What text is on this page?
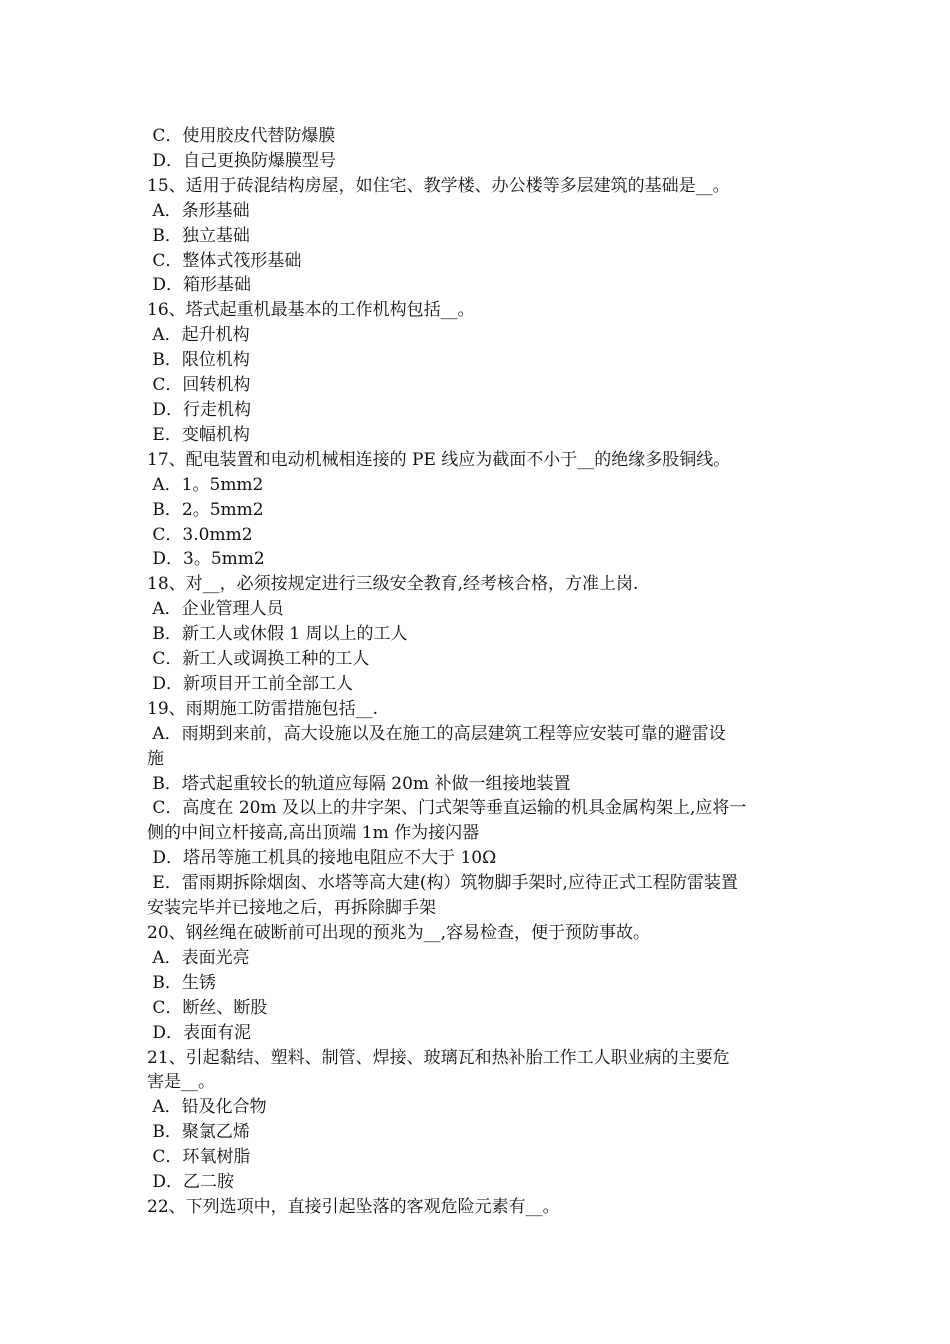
C．使用胶皮代替防爆膜
D．自己更换防爆膜型号
15、适用于砖混结构房屋，如住宅、教学楼、办公楼等多层建筑的基础是__。
A．条形基础
B．独立基础
C．整体式筏形基础
D．箱形基础
16、塔式起重机最基本的工作机构包括__。
A．起升机构
B．限位机构
C．回转机构
D．行走机构
E．变幅机构
17、配电装置和电动机械相连接的 PE 线应为截面不小于__的绝缘多股铜线。
A．1。5mm2
B．2。5mm2
C．3.0mm2
D．3。5mm2
18、对__，必须按规定进行三级安全教育,经考核合格，方准上岗.
A．企业管理人员
B．新工人或休假 1 周以上的工人
C．新工人或调换工种的工人
D．新项目开工前全部工人
19、雨期施工防雷措施包括__.
A．雨期到来前，高大设施以及在施工的高层建筑工程等应安装可靠的避雷设
施
B．塔式起重较长的轨道应每隔 20m 补做一组接地装置
C．高度在 20m 及以上的井字架、门式架等垂直运输的机具金属构架上,应将一
侧的中间立杆接高,高出顶端 1m 作为接闪器
D．塔吊等施工机具的接地电阻应不大于 10Ω
E．雷雨期拆除烟囱、水塔等高大建(构）筑物脚手架时,应待正式工程防雷装置
安装完毕并已接地之后，再拆除脚手架
20、钢丝绳在破断前可出现的预兆为__,容易检查，便于预防事故。
A．表面光亮
B．生锈
C．断丝、断股
D．表面有泥
21、引起黏结、塑料、制管、焊接、玻璃瓦和热补胎工作工人职业病的主要危
害是__。
A．铅及化合物
B．聚氯乙烯
C．环氧树脂
D．乙二胺
22、下列选项中，直接引起坠落的客观危险元素有__。
